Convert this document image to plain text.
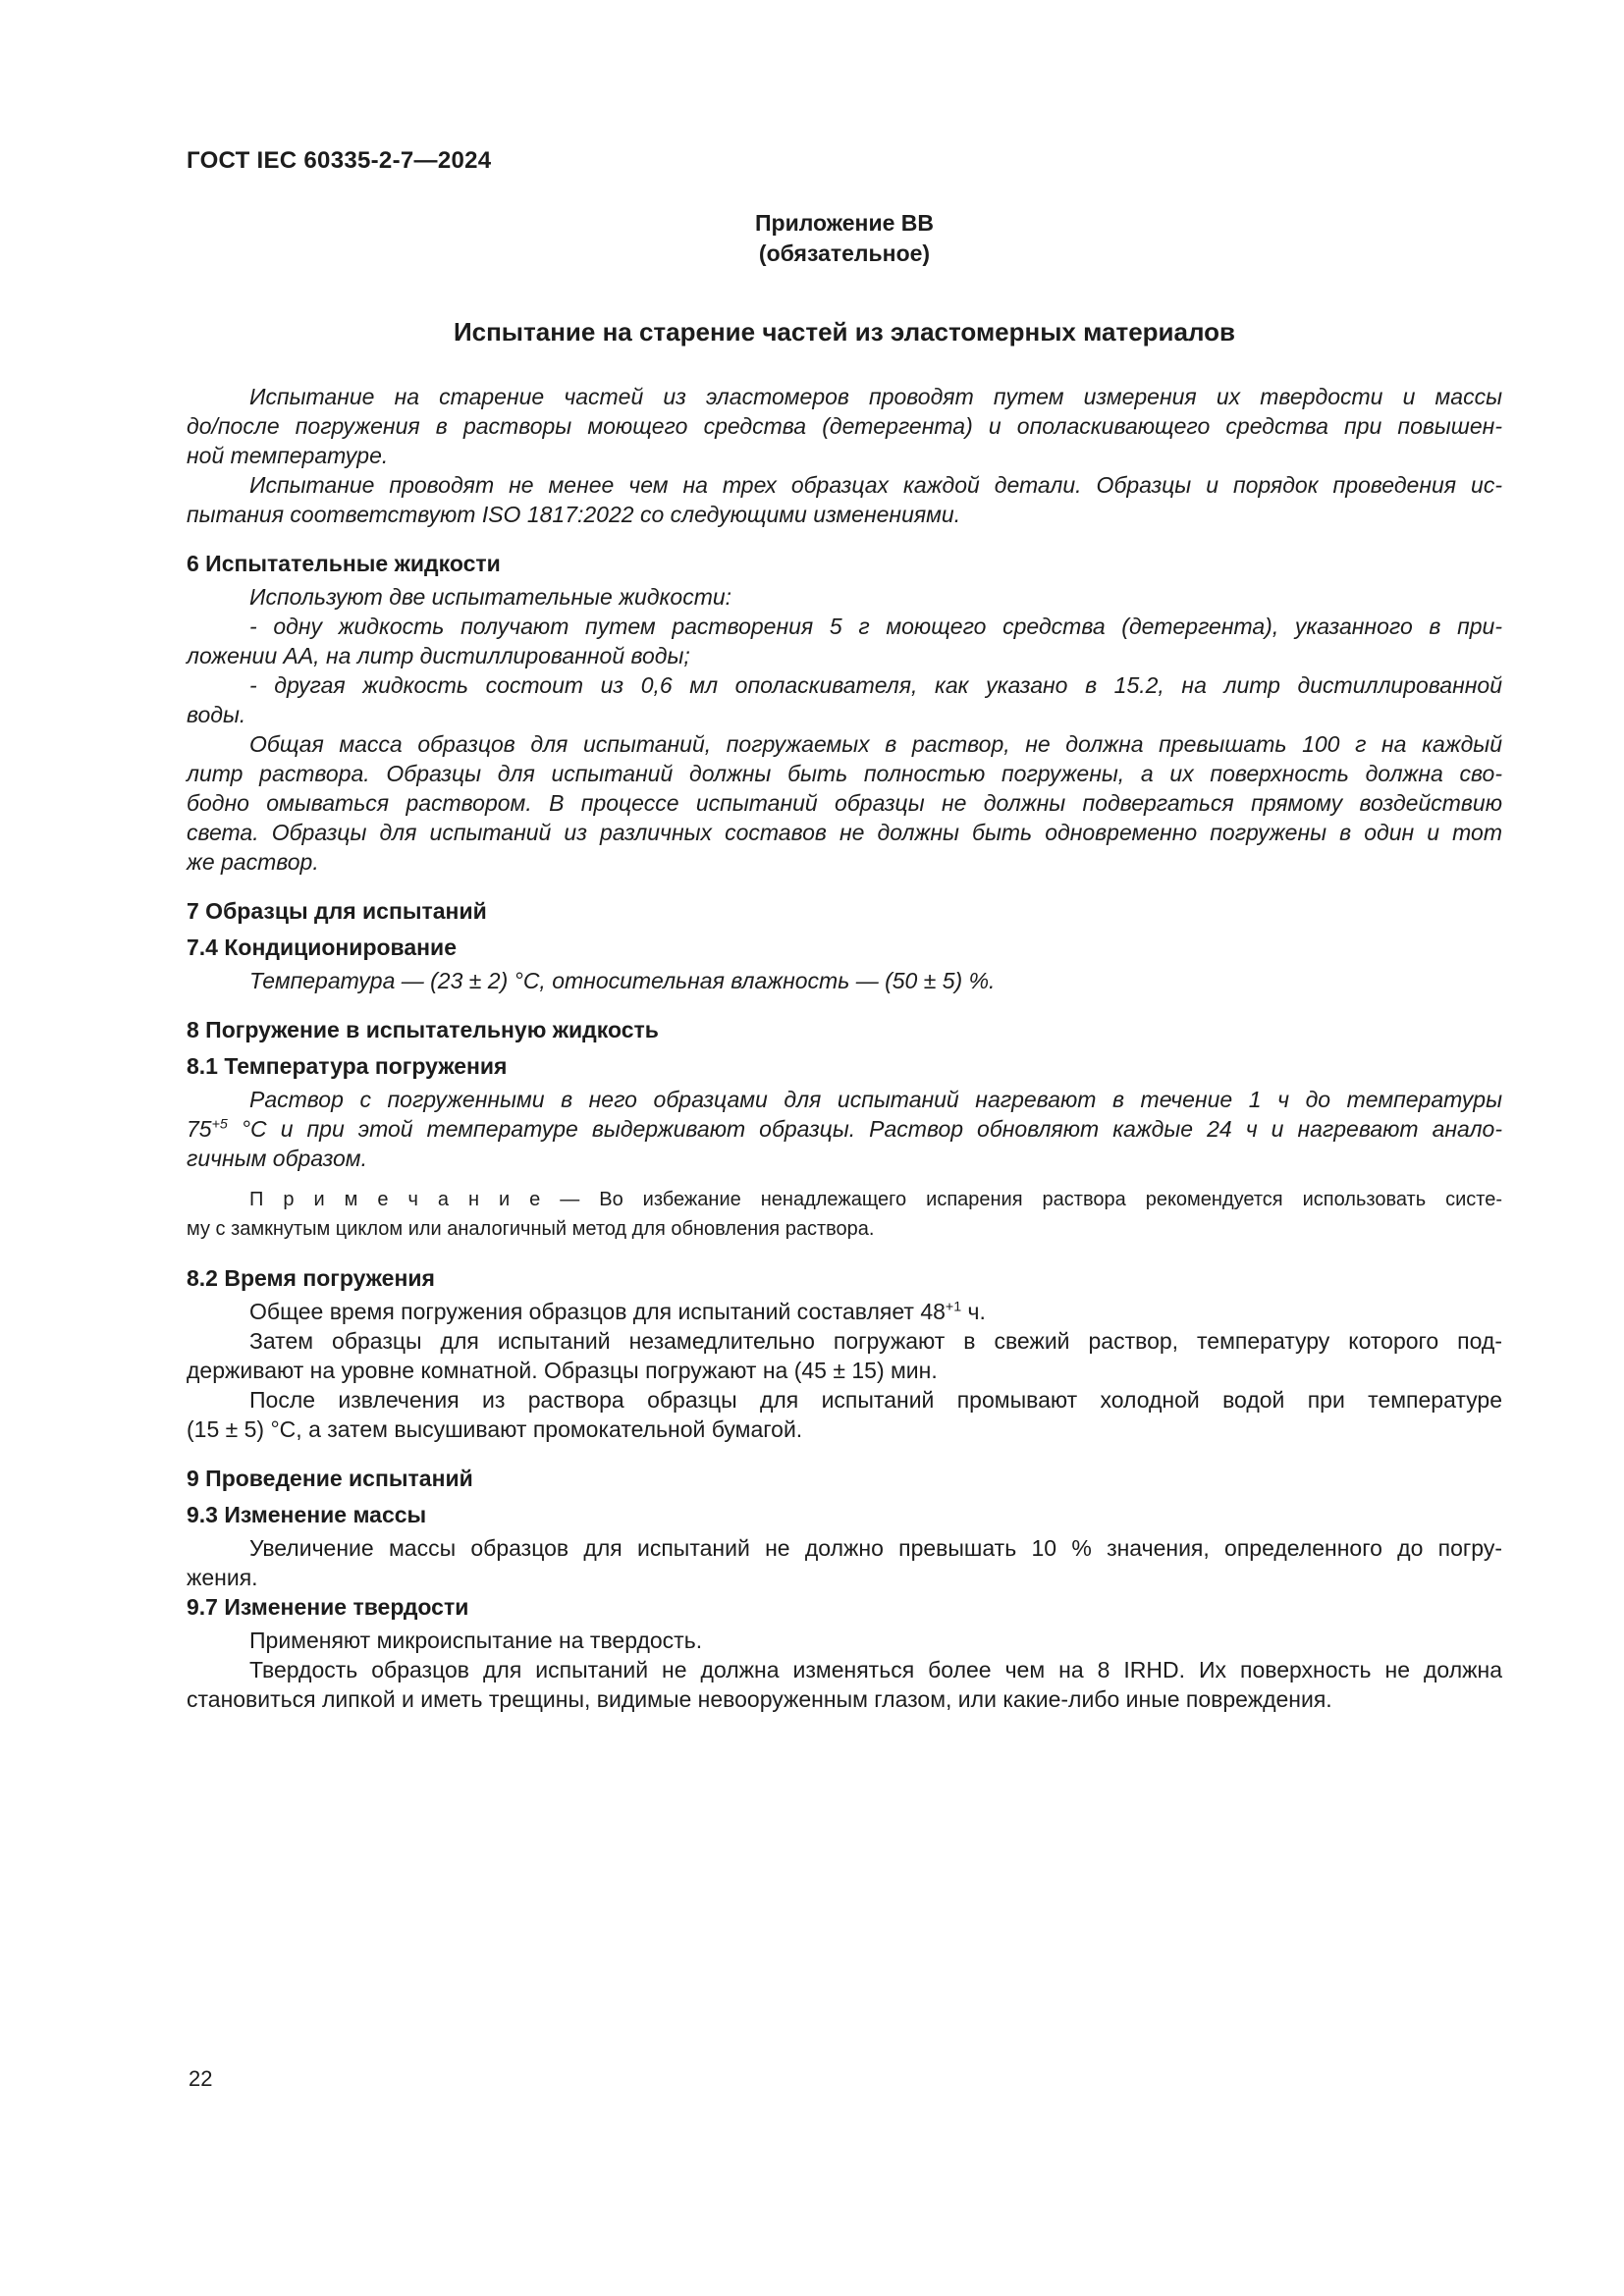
ГОСТ IEC 60335-2-7—2024
Приложение ВВ
(обязательное)
Испытание на старение частей из эластомерных материалов
Испытание на старение частей из эластомеров проводят путем измерения их твердости и массы
до/после погружения в растворы моющего средства (детергента) и ополаскивающего средства при повышен-
ной температуре.
Испытание проводят не менее чем на трех образцах каждой детали. Образцы и порядок проведения ис-
пытания соответствуют ISO 1817:2022 со следующими изменениями.
6 Испытательные жидкости
Используют две испытательные жидкости:
- одну жидкость получают путем растворения 5 г моющего средства (детергента), указанного в при-
ложении АА, на литр дистиллированной воды;
- другая жидкость состоит из 0,6 мл ополаскивателя, как указано в 15.2, на литр дистиллированной
воды.
Общая масса образцов для испытаний, погружаемых в раствор, не должна превышать 100 г на каждый
литр раствора. Образцы для испытаний должны быть полностью погружены, а их поверхность должна сво-
бодно омываться раствором. В процессе испытаний образцы не должны подвергаться прямому воздействию
света. Образцы для испытаний из различных составов не должны быть одновременно погружены в один и тот
же раствор.
7 Образцы для испытаний
7.4 Кондиционирование
Температура — (23 ± 2) °С, относительная влажность — (50 ± 5) %.
8 Погружение в испытательную жидкость
8.1 Температура погружения
Раствор с погруженными в него образцами для испытаний нагревают в течение 1 ч до температуры
$75^{+5}$ °С и при этой температуре выдерживают образцы. Раствор обновляют каждые 24 ч и нагревают анало-
гичным образом.
П р и м е ч а н и е — Во избежание ненадлежащего испарения раствора рекомендуется использовать систе-
му с замкнутым циклом или аналогичный метод для обновления раствора.
8.2 Время погружения
Общее время погружения образцов для испытаний составляет $48^{+1}$ ч.
Затем образцы для испытаний незамедлительно погружают в свежий раствор, температуру которого под-
держивают на уровне комнатной. Образцы погружают на (45 ± 15) мин.
После извлечения из раствора образцы для испытаний промывают холодной водой при температуре
(15 ± 5) °С, а затем высушивают промокательной бумагой.
9 Проведение испытаний
9.3 Изменение массы
Увеличение массы образцов для испытаний не должно превышать 10 % значения, определенного до погру-
жения.
9.7 Изменение твердости
Применяют микроиспытание на твердость.
Твердость образцов для испытаний не должна изменяться более чем на 8 IRHD. Их поверхность не должна
становиться липкой и иметь трещины, видимые невооруженным глазом, или какие-либо иные повреждения.
22
